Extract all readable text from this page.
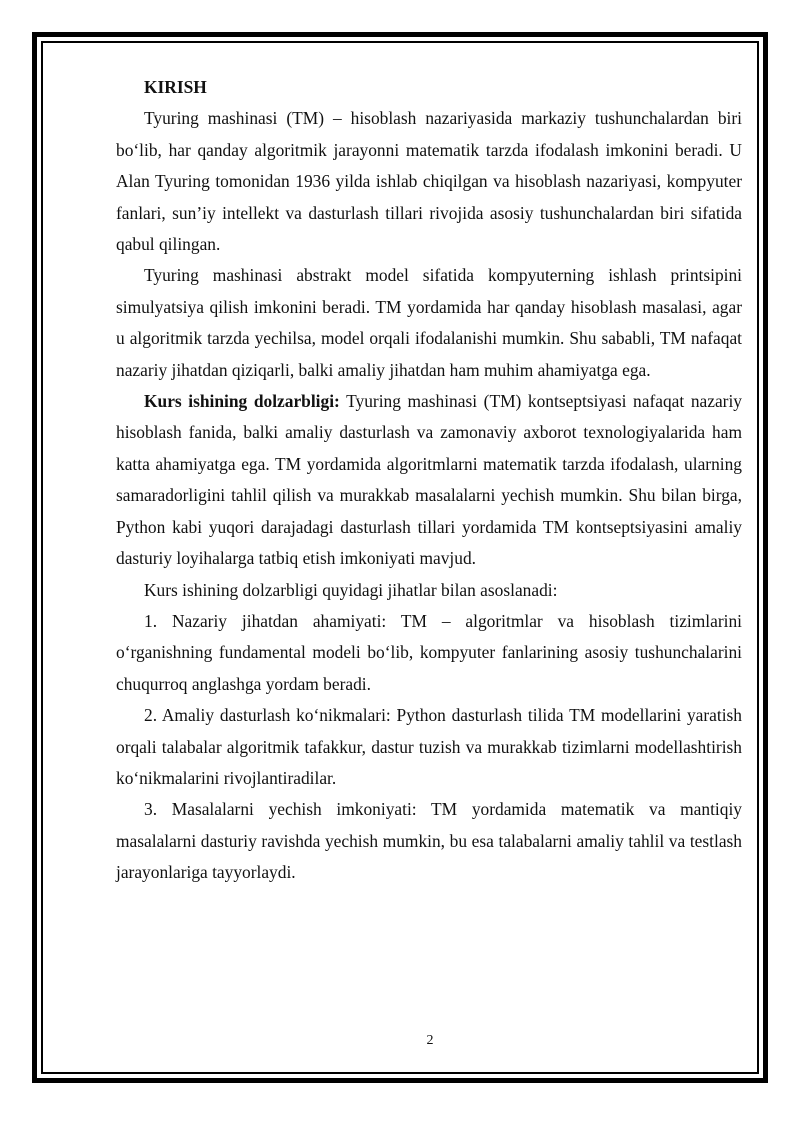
KIRISH

Tyuring mashinasi (TM) – hisoblash nazariyasida markaziy tushunchalardan biri bo‘lib, har qanday algoritmik jarayonni matematik tarzda ifodalash imkonini beradi. U Alan Tyuring tomonidan 1936 yilda ishlab chiqilgan va hisoblash nazariyasi, kompyuter fanlari, sun’iy intellekt va dasturlash tillari rivojida asosiy tushunchalardan biri sifatida qabul qilingan.

Tyuring mashinasi abstrakt model sifatida kompyuterning ishlash printsipini simulyatsiya qilish imkonini beradi. TM yordamida har qanday hisoblash masalasi, agar u algoritmik tarzda yechilsa, model orqali ifodalanishi mumkin. Shu sababli, TM nafaqat nazariy jihatdan qiziqarli, balki amaliy jihatdan ham muhim ahamiyatga ega.

Kurs ishining dolzarbligi: Tyuring mashinasi (TM) kontseptsiyasi nafaqat nazariy hisoblash fanida, balki amaliy dasturlash va zamonaviy axborot texnologiyalarida ham katta ahamiyatga ega. TM yordamida algoritmlarni matematik tarzda ifodalash, ularning samaradorligini tahlil qilish va murakkab masalalarni yechish mumkin. Shu bilan birga, Python kabi yuqori darajadagi dasturlash tillari yordamida TM kontseptsiyasini amaliy dasturiy loyihalarga tatbiq etish imkoniyati mavjud.

Kurs ishining dolzarbligi quyidagi jihatlar bilan asoslanadi:

1. Nazariy jihatdan ahamiyati: TM – algoritmlar va hisoblash tizimlarini o‘rganishning fundamental modeli bo‘lib, kompyuter fanlarining asosiy tushunchalarini chuqurroq anglashga yordam beradi.

2. Amaliy dasturlash ko‘nikmalari: Python dasturlash tilida TM modellarini yaratish orqali talabalar algoritmik tafakkur, dastur tuzish va murakkab tizimlarni modellashtirish ko‘nikmalarini rivojlantiradilar.

3. Masalalarni yechish imkoniyati: TM yordamida matematik va mantiqiy masalalarni dasturiy ravishda yechish mumkin, bu esa talabalarni amaliy tahlil va testlash jarayonlariga tayyorlaydi.

2
